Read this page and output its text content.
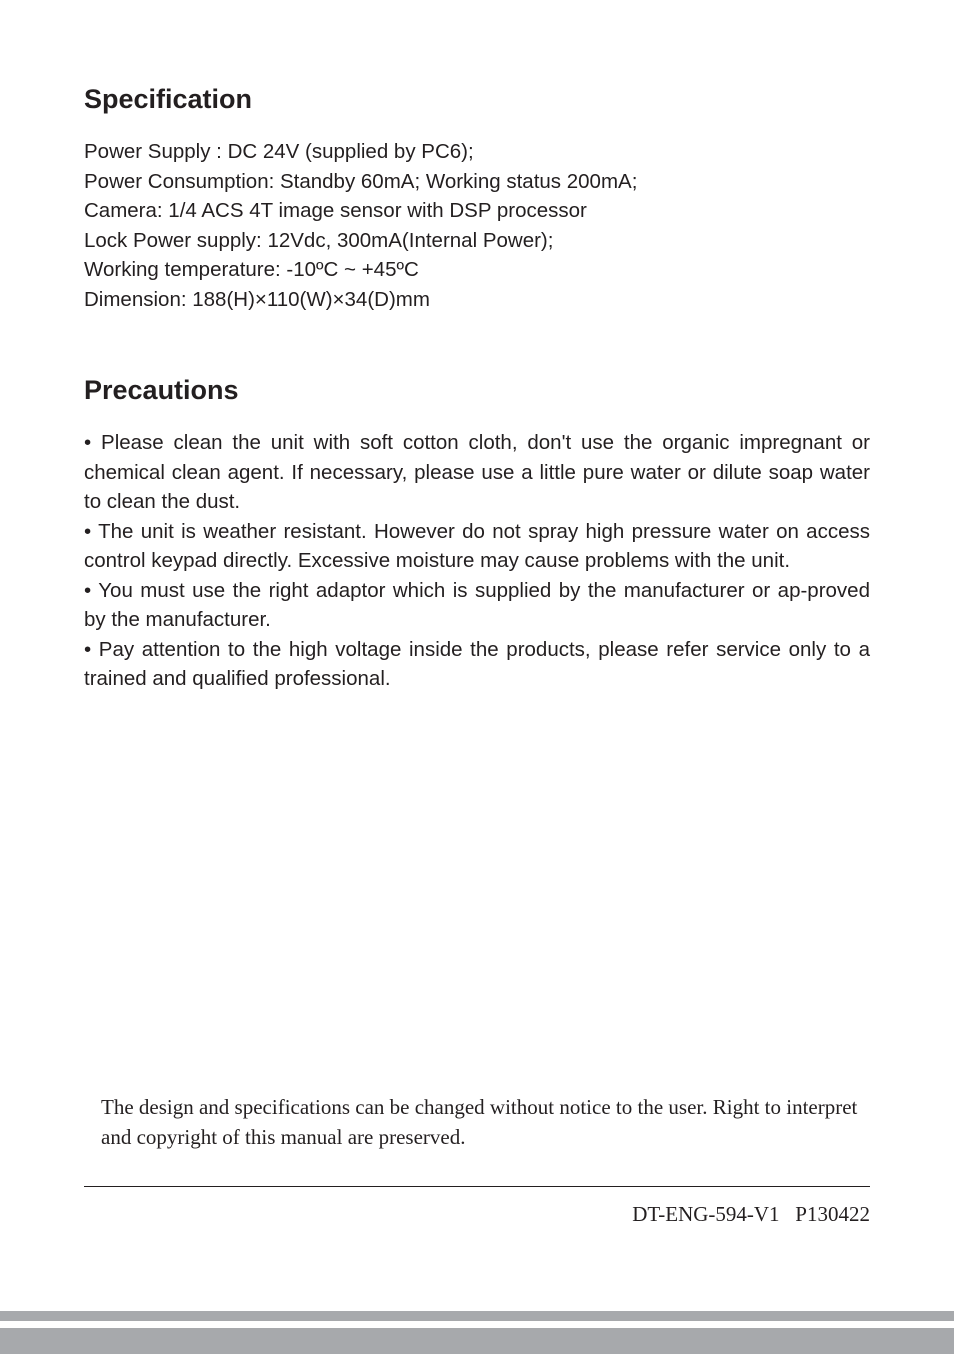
Specification
Power Supply : DC 24V (supplied by PC6);
Power Consumption: Standby 60mA; Working status 200mA;
Camera: 1/4 ACS 4T image sensor with DSP processor
Lock Power supply: 12Vdc, 300mA(Internal Power);
Working temperature: -10ºC ~ +45ºC
Dimension: 188(H)×110(W)×34(D)mm
Precautions

• Please clean the unit with soft cotton cloth, don't use the organic impregnant or chemical clean agent. If necessary, please use a little pure water or dilute soap water to clean the dust.

• The unit is weather resistant. However do not spray high pressure water on access control keypad directly. Excessive moisture may cause problems with the unit.

• You must use the right adaptor which is supplied by the manufacturer or ap-proved by the manufacturer.

• Pay attention to the high voltage inside the products, please refer service only to a trained and qualified professional.

The design and specifications can be changed without notice to the user. Right to interpret and copyright of this manual are preserved.

DT-ENG-594-V1   P130422
